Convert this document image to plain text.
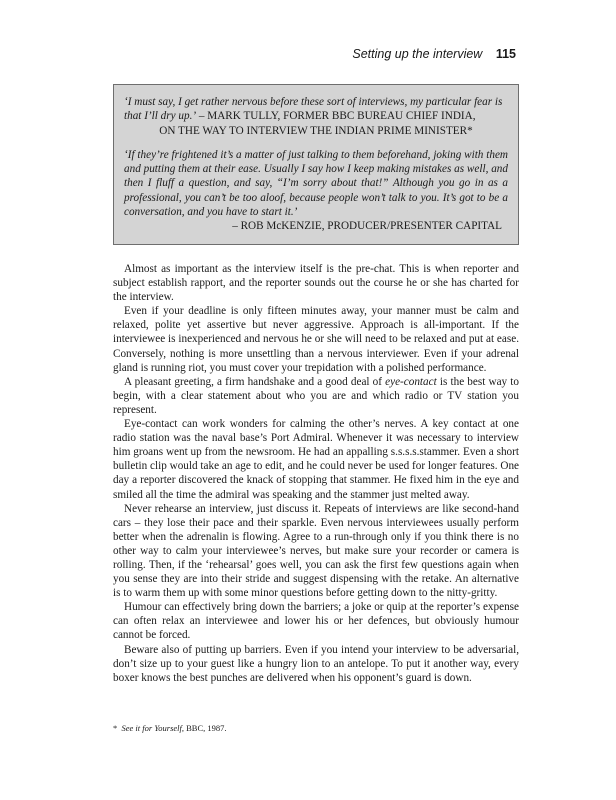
Setting up the interview 115

‘I must say, I get rather nervous before these sort of interviews, my particular fear is that I’ll dry up.’ – MARK TULLY, FORMER BBC BUREAU CHIEF INDIA,

ON THE WAY TO INTERVIEW THE INDIAN PRIME MINISTER*

‘If they’re frightened it’s a matter of just talking to them beforehand, joking with them and putting them at their ease. Usually I say how I keep making mistakes as well, and then I fluff a question, and say, “I’m sorry about that!” Although you go in as a professional, you can’t be too aloof, because people won’t talk to you. It’s got to be a conversation, and you have to start it.’

– ROB McKENZIE, PRODUCER/PRESENTER CAPITAL

Almost as important as the interview itself is the pre-chat. This is when reporter and subject establish rapport, and the reporter sounds out the course he or she has charted for the interview.

Even if your deadline is only fifteen minutes away, your manner must be calm and relaxed, polite yet assertive but never aggressive. Approach is all-important. If the interviewee is inexperienced and nervous he or she will need to be relaxed and put at ease. Conversely, nothing is more unsettling than a nervous interviewer. Even if your adrenal gland is running riot, you must cover your trepidation with a polished performance.

A pleasant greeting, a firm handshake and a good deal of eye-contact is the best way to begin, with a clear statement about who you are and which radio or TV station you represent.

Eye-contact can work wonders for calming the other’s nerves. A key contact at one radio station was the naval base’s Port Admiral. Whenever it was necessary to interview him groans went up from the newsroom. He had an appalling s.s.s.s.stammer. Even a short bulletin clip would take an age to edit, and he could never be used for longer features. One day a reporter discovered the knack of stopping that stammer. He fixed him in the eye and smiled all the time the admiral was speaking and the stammer just melted away.

Never rehearse an interview, just discuss it. Repeats of interviews are like second-hand cars – they lose their pace and their sparkle. Even nervous interviewees usually perform better when the adrenalin is flowing. Agree to a run-through only if you think there is no other way to calm your interviewee’s nerves, but make sure your recorder or camera is rolling. Then, if the ‘rehearsal’ goes well, you can ask the first few questions again when you sense they are into their stride and suggest dispensing with the retake. An alternative is to warm them up with some minor questions before getting down to the nitty-gritty.

Humour can effectively bring down the barriers; a joke or quip at the reporter’s expense can often relax an interviewee and lower his or her defences, but obviously humour cannot be forced.

Beware also of putting up barriers. Even if you intend your interview to be adversarial, don’t size up to your guest like a hungry lion to an antelope. To put it another way, every boxer knows the best punches are delivered when his opponent’s guard is down.

* See it for Yourself, BBC, 1987.
